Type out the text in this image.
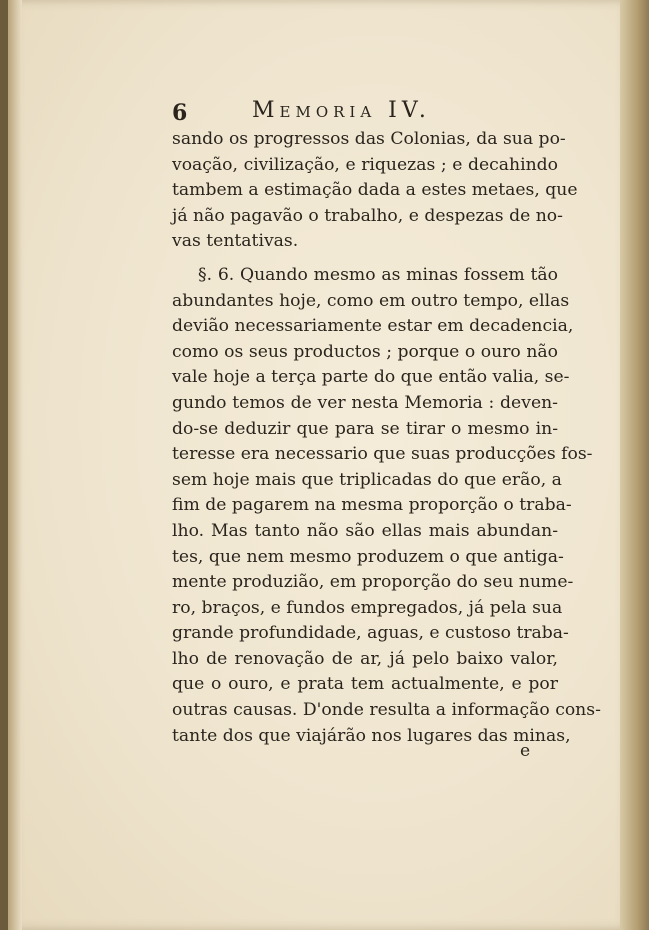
6	Memoria IV.
sando os progressos das Colonias, da sua po-
voação, civilização, e riquezas ; e decahindo
tambem a estimação dada a estes metaes, que
já não pagavão o trabalho, e despezas de no-
vas tentativas.
§. 6. Quando mesmo as minas fossem tão
abundantes hoje, como em outro tempo, ellas
devião necessariamente estar em decadencia,
como os seus productos ; porque o ouro não
vale hoje a terça parte do que então valia, se-
gundo temos de ver nesta Memoria : deven-
do-se deduzir que para se tirar o mesmo in-
teresse era necessario que suas producções fos-
sem hoje mais que triplicadas do que erão, a
fim de pagarem na mesma proporção o traba-
lho. Mas tanto não são ellas mais abundan-
tes, que nem mesmo produzem o que antiga-
mente produzião, em proporção do seu nume-
ro, braços, e fundos empregados, já pela sua
grande profundidade, aguas, e custoso traba-
lho de renovação de ar, já pelo baixo valor,
que o ouro, e prata tem actualmente, e por
outras causas. D'onde resulta a informação cons-
tante dos que viajárão nos lugares das minas,
e
